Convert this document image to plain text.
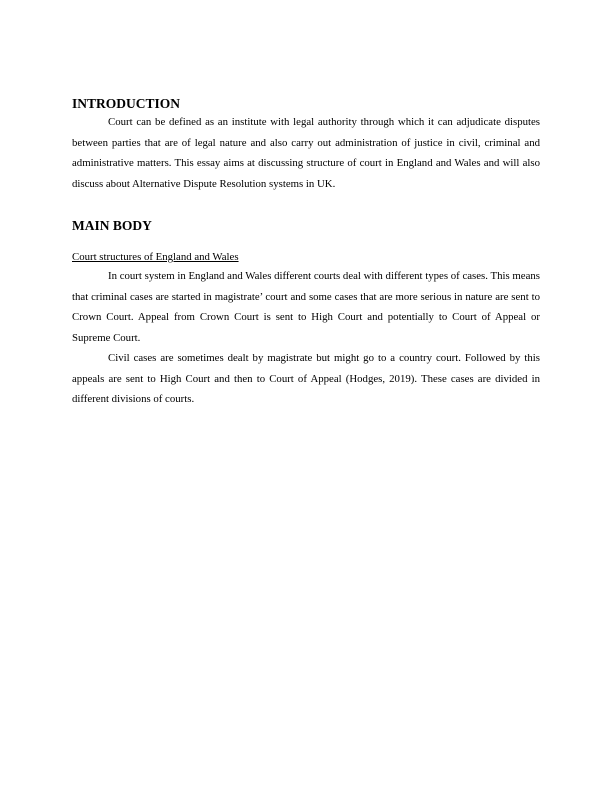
INTRODUCTION

Court can be defined as an institute with legal authority through which it can adjudicate disputes between parties that are of legal nature and also carry out administration of justice in civil, criminal and administrative matters. This essay aims at discussing structure of court in England and Wales and will also discuss about Alternative Dispute Resolution systems in UK.

MAIN BODY
Court structures of England and Wales

In court system in England and Wales different courts deal with different types of cases. This means that criminal cases are started in magistrate’ court and some cases that are more serious in nature are sent to Crown Court. Appeal from Crown Court is sent to High Court and potentially to Court of Appeal or Supreme Court.

Civil cases are sometimes dealt by magistrate but might go to a country court. Followed by this appeals are sent to High Court and then to Court of Appeal (Hodges, 2019). These cases are divided in different divisions of courts.
